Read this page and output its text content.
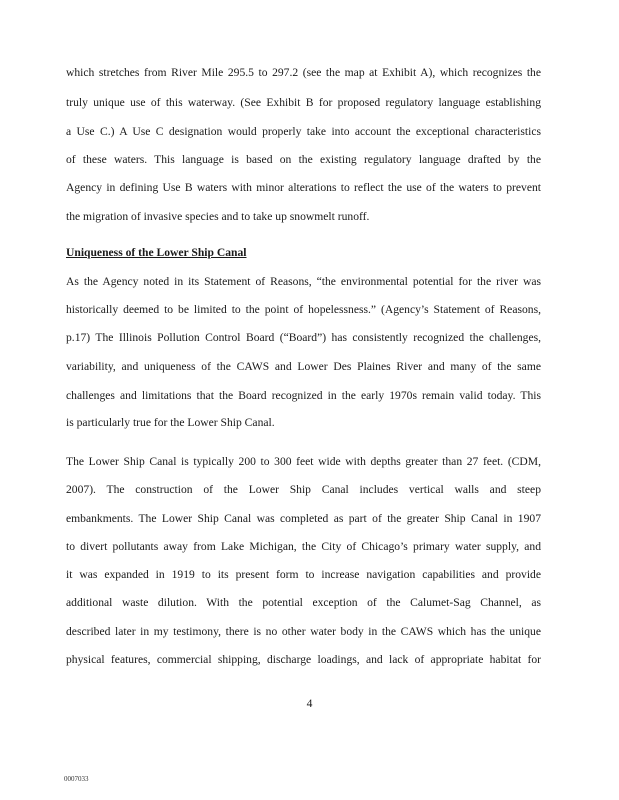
which stretches from River Mile 295.5 to 297.2 (see the map at Exhibit A), which recognizes the
truly unique use of this waterway. (See Exhibit B for proposed regulatory language establishing
a Use C.) A Use C designation would properly take into account the exceptional characteristics
of these waters. This language is based on the existing regulatory language drafted by the
Agency in defining Use B waters with minor alterations to reflect the use of the waters to prevent
the migration of invasive species and to take up snowmelt runoff.
Uniqueness of the Lower Ship Canal
As the Agency noted in its Statement of Reasons, “the environmental potential for the river was
historically deemed to be limited to the point of hopelessness.” (Agency’s Statement of Reasons,
p.17) The Illinois Pollution Control Board (“Board”) has consistently recognized the challenges,
variability, and uniqueness of the CAWS and Lower Des Plaines River and many of the same
challenges and limitations that the Board recognized in the early 1970s remain valid today. This
is particularly true for the Lower Ship Canal.
The Lower Ship Canal is typically 200 to 300 feet wide with depths greater than 27 feet. (CDM,
2007). The construction of the Lower Ship Canal includes vertical walls and steep
embankments. The Lower Ship Canal was completed as part of the greater Ship Canal in 1907
to divert pollutants away from Lake Michigan, the City of Chicago’s primary water supply, and
it was expanded in 1919 to its present form to increase navigation capabilities and provide
additional waste dilution. With the potential exception of the Calumet-Sag Channel, as
described later in my testimony, there is no other water body in the CAWS which has the unique
physical features, commercial shipping, discharge loadings, and lack of appropriate habitat for
4
0007033
